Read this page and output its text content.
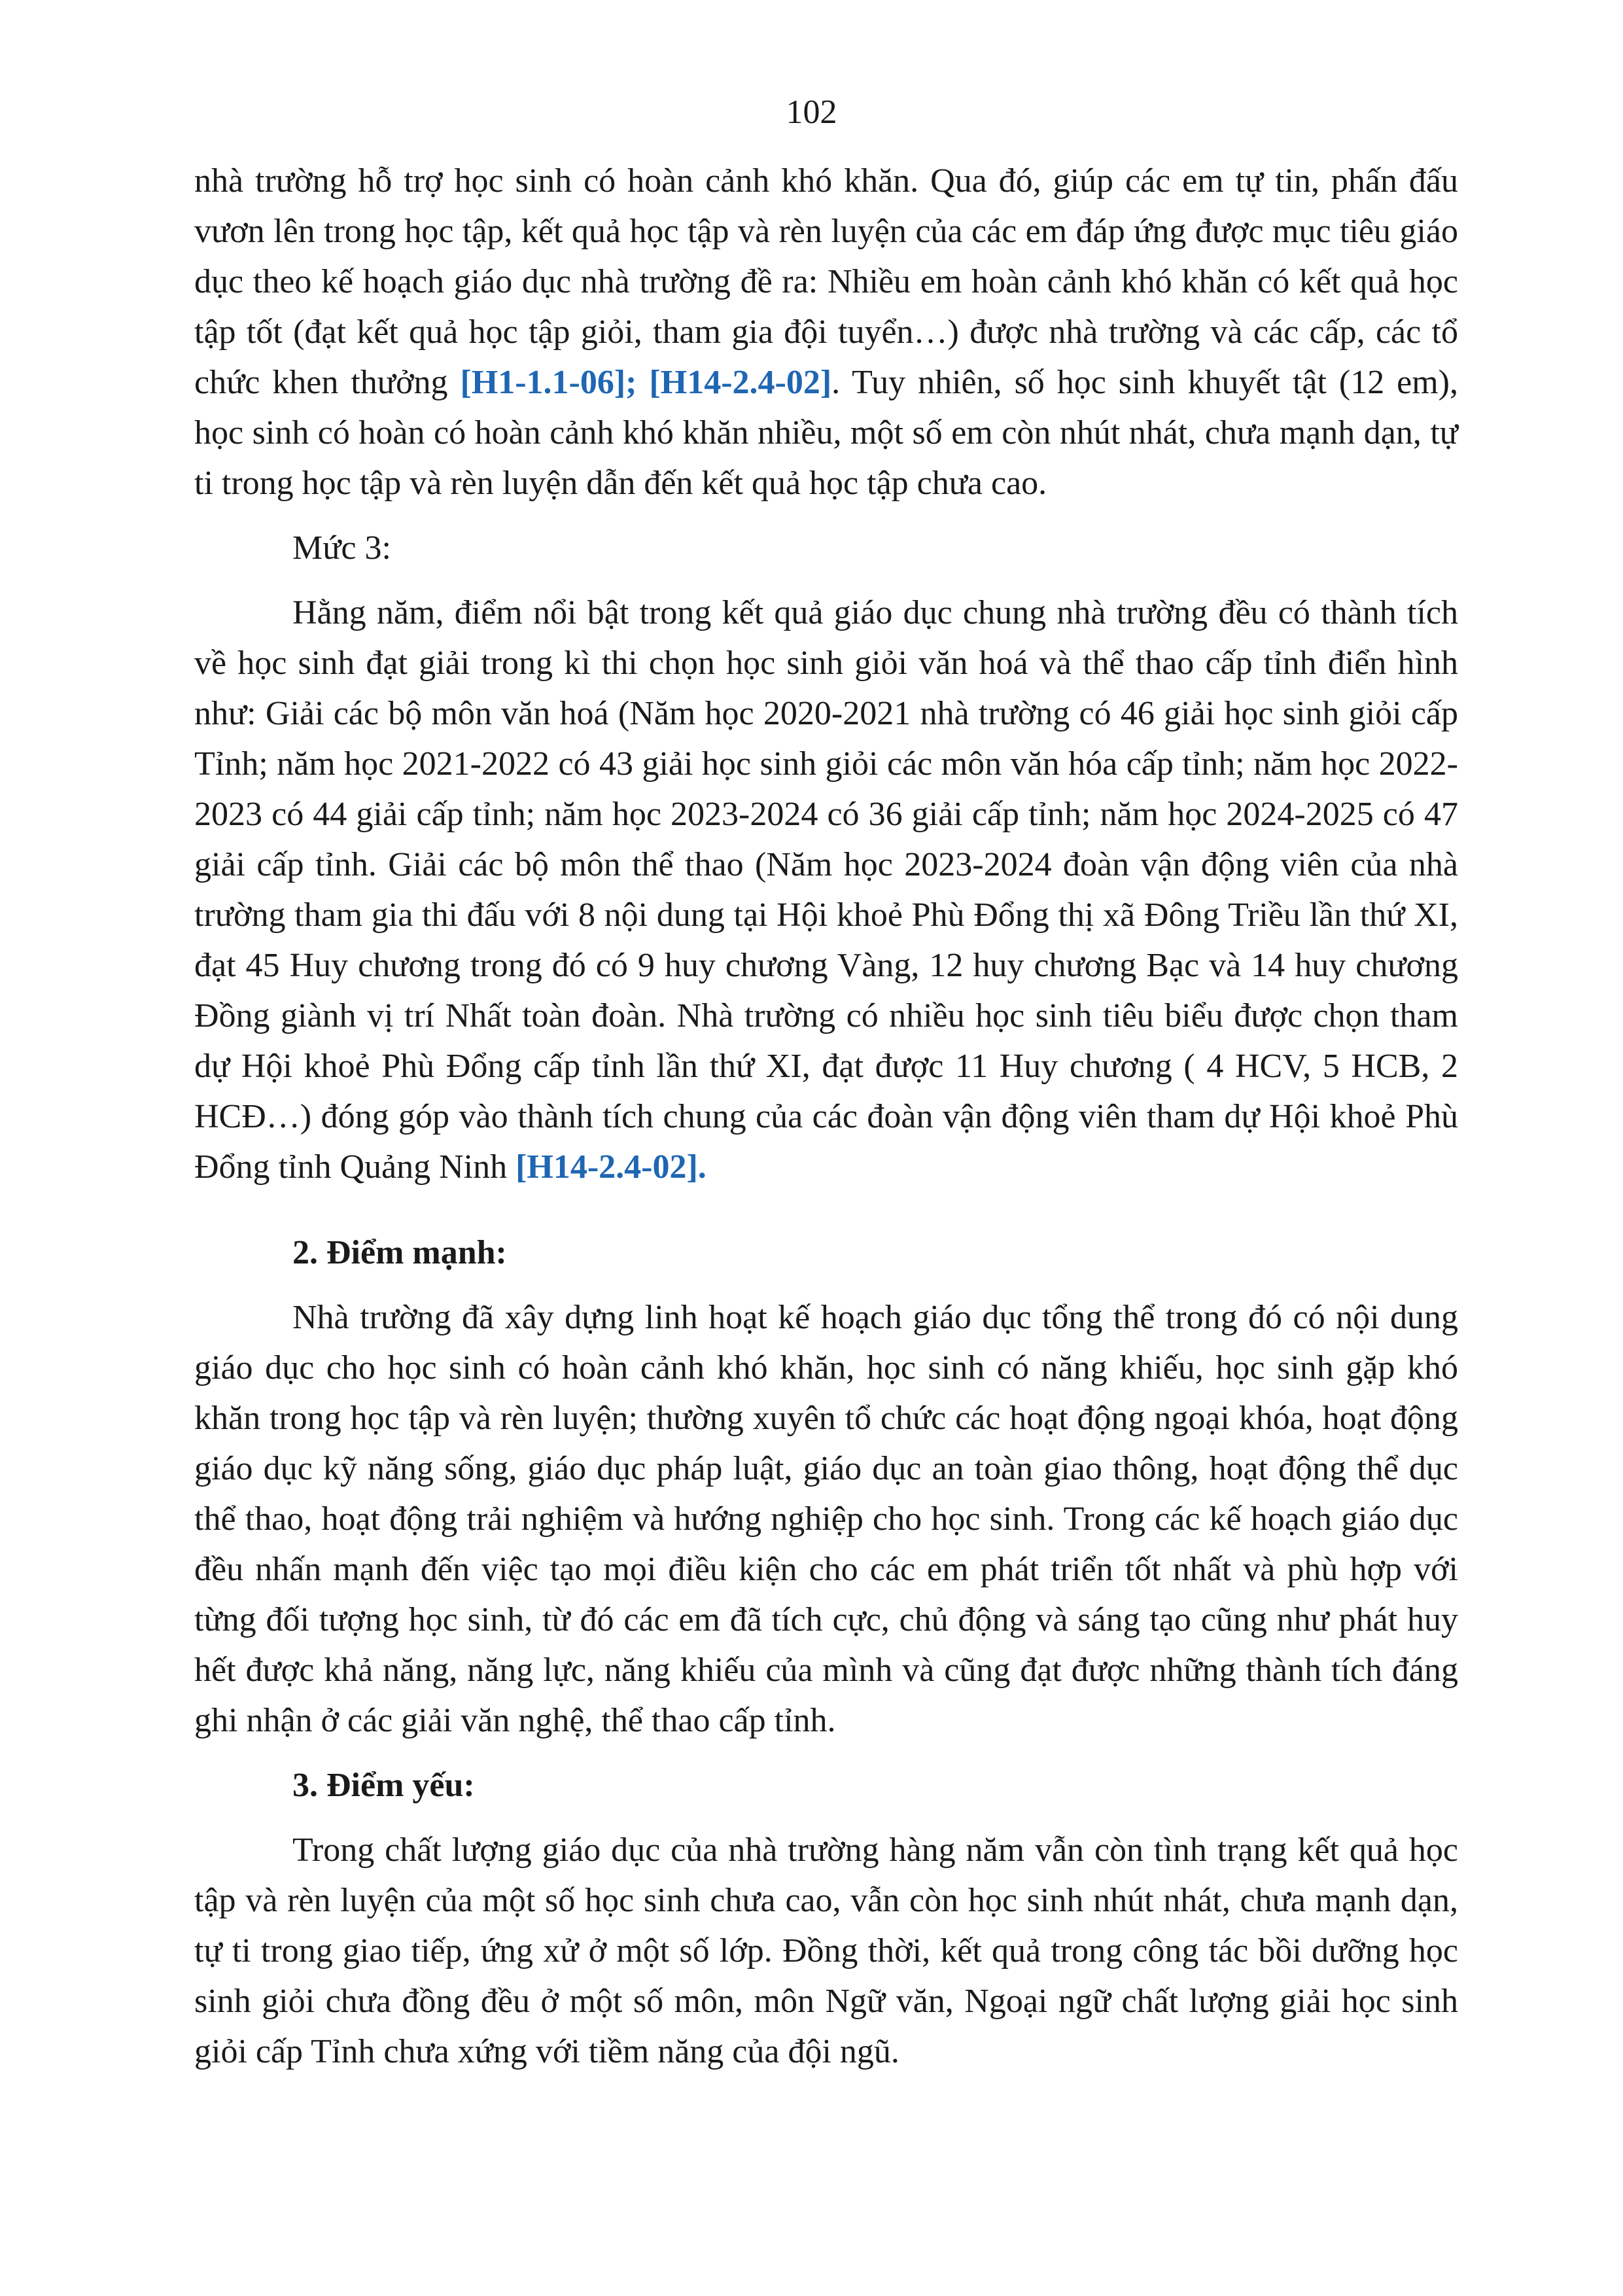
102

nhà trường hỗ trợ học sinh có hoàn cảnh khó khăn. Qua đó, giúp các em tự tin, phấn đấu vươn lên trong học tập, kết quả học tập và rèn luyện của các em đáp ứng được mục tiêu giáo dục theo kế hoạch giáo dục nhà trường đề ra: Nhiều em hoàn cảnh khó khăn có kết quả học tập tốt (đạt kết quả học tập giỏi, tham gia đội tuyển…) được nhà trường và các cấp, các tổ chức khen thưởng [H1-1.1-06]; [H14-2.4-02]. Tuy nhiên, số học sinh khuyết tật (12 em), học sinh có hoàn có hoàn cảnh khó khăn nhiều, một số em còn nhút nhát, chưa mạnh dạn, tự ti trong học tập và rèn luyện dẫn đến kết quả học tập chưa cao.

Mức 3:

Hằng năm, điểm nổi bật trong kết quả giáo dục chung nhà trường đều có thành tích về học sinh đạt giải trong kì thi chọn học sinh giỏi văn hoá và thể thao cấp tỉnh điển hình như: Giải các bộ môn văn hoá (Năm học 2020-2021 nhà trường có 46 giải học sinh giỏi cấp Tỉnh; năm học 2021-2022 có 43 giải học sinh giỏi các môn văn hóa cấp tỉnh; năm học 2022-2023 có 44 giải cấp tỉnh; năm học 2023-2024 có 36 giải cấp tỉnh; năm học 2024-2025 có 47 giải cấp tỉnh. Giải các bộ môn thể thao (Năm học 2023-2024 đoàn vận động viên của nhà trường tham gia thi đấu với 8 nội dung tại Hội khoẻ Phù Đổng thị xã Đông Triều lần thứ XI, đạt 45 Huy chương trong đó có 9 huy chương Vàng, 12 huy chương Bạc và 14 huy chương Đồng giành vị trí Nhất toàn đoàn. Nhà trường có nhiều học sinh tiêu biểu được chọn tham dự Hội khoẻ Phù Đổng cấp tỉnh lần thứ XI, đạt được 11 Huy chương ( 4 HCV, 5 HCB, 2 HCĐ…) đóng góp vào thành tích chung của các đoàn vận động viên tham dự Hội khoẻ Phù Đổng tỉnh Quảng Ninh [H14-2.4-02].

2. Điểm mạnh:

Nhà trường đã xây dựng linh hoạt kế hoạch giáo dục tổng thể trong đó có nội dung giáo dục cho học sinh có hoàn cảnh khó khăn, học sinh có năng khiếu, học sinh gặp khó khăn trong học tập và rèn luyện; thường xuyên tổ chức các hoạt động ngoại khóa, hoạt động giáo dục kỹ năng sống, giáo dục pháp luật, giáo dục an toàn giao thông, hoạt động thể dục thể thao, hoạt động trải nghiệm và hướng nghiệp cho học sinh. Trong các kế hoạch giáo dục đều nhấn mạnh đến việc tạo mọi điều kiện cho các em phát triển tốt nhất và phù hợp với từng đối tượng học sinh, từ đó các em đã tích cực, chủ động và sáng tạo cũng như phát huy hết được khả năng, năng lực, năng khiếu của mình và cũng đạt được những thành tích đáng ghi nhận ở các giải văn nghệ, thể thao cấp tỉnh.

3. Điểm yếu:

Trong chất lượng giáo dục của nhà trường hàng năm vẫn còn tình trạng kết quả học tập và rèn luyện của một số học sinh chưa cao, vẫn còn học sinh nhút nhát, chưa mạnh dạn, tự ti trong giao tiếp, ứng xử ở một số lớp. Đồng thời, kết quả trong công tác bồi dưỡng học sinh giỏi chưa đồng đều ở một số môn, môn Ngữ văn, Ngoại ngữ chất lượng giải học sinh giỏi cấp Tỉnh chưa xứng với tiềm năng của đội ngũ.
